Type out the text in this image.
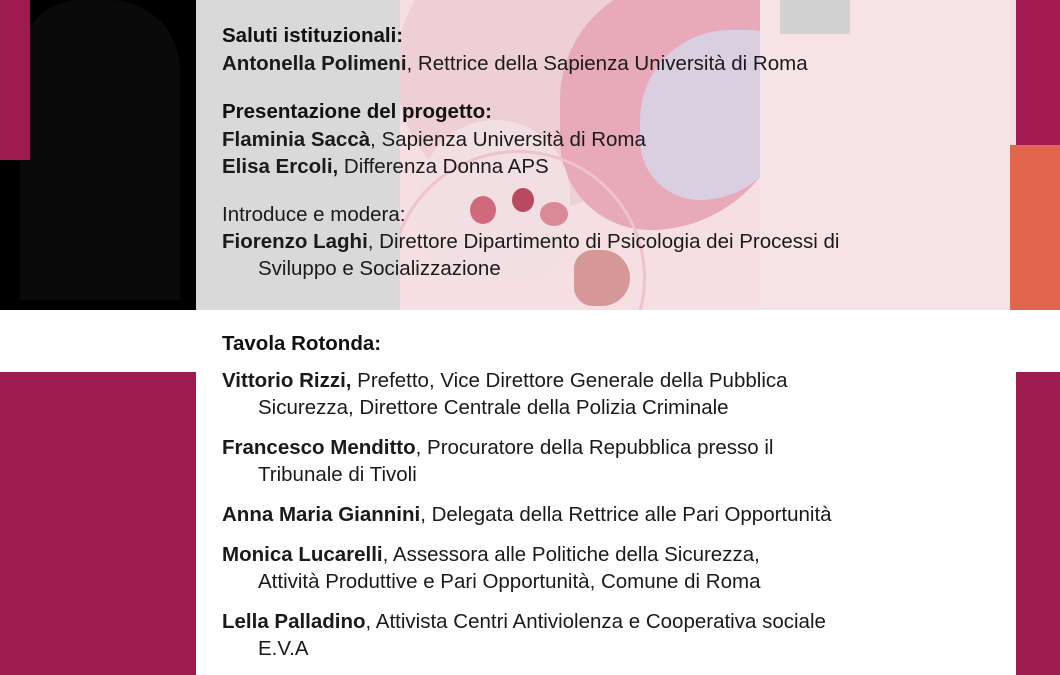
Saluti istituzionali:
Antonella Polimeni, Rettrice della Sapienza Università di Roma
Presentazione del progetto:
Flaminia Saccà, Sapienza Università di Roma
Elisa Ercoli, Differenza Donna APS
Introduce e modera:
Fiorenzo Laghi, Direttore Dipartimento di Psicologia dei Processi di
Sviluppo e Socializzazione
Tavola Rotonda:
Vittorio Rizzi, Prefetto, Vice Direttore Generale della Pubblica
Sicurezza, Direttore Centrale della Polizia Criminale
Francesco Menditto, Procuratore della Repubblica presso il
Tribunale di Tivoli
Anna Maria Giannini, Delegata della Rettrice alle Pari Opportunità
Monica Lucarelli, Assessora alle Politiche della Sicurezza,
Attività Produttive e Pari Opportunità, Comune di Roma
Lella Palladino, Attivista Centri Antiviolenza e Cooperativa sociale
E.V.A
